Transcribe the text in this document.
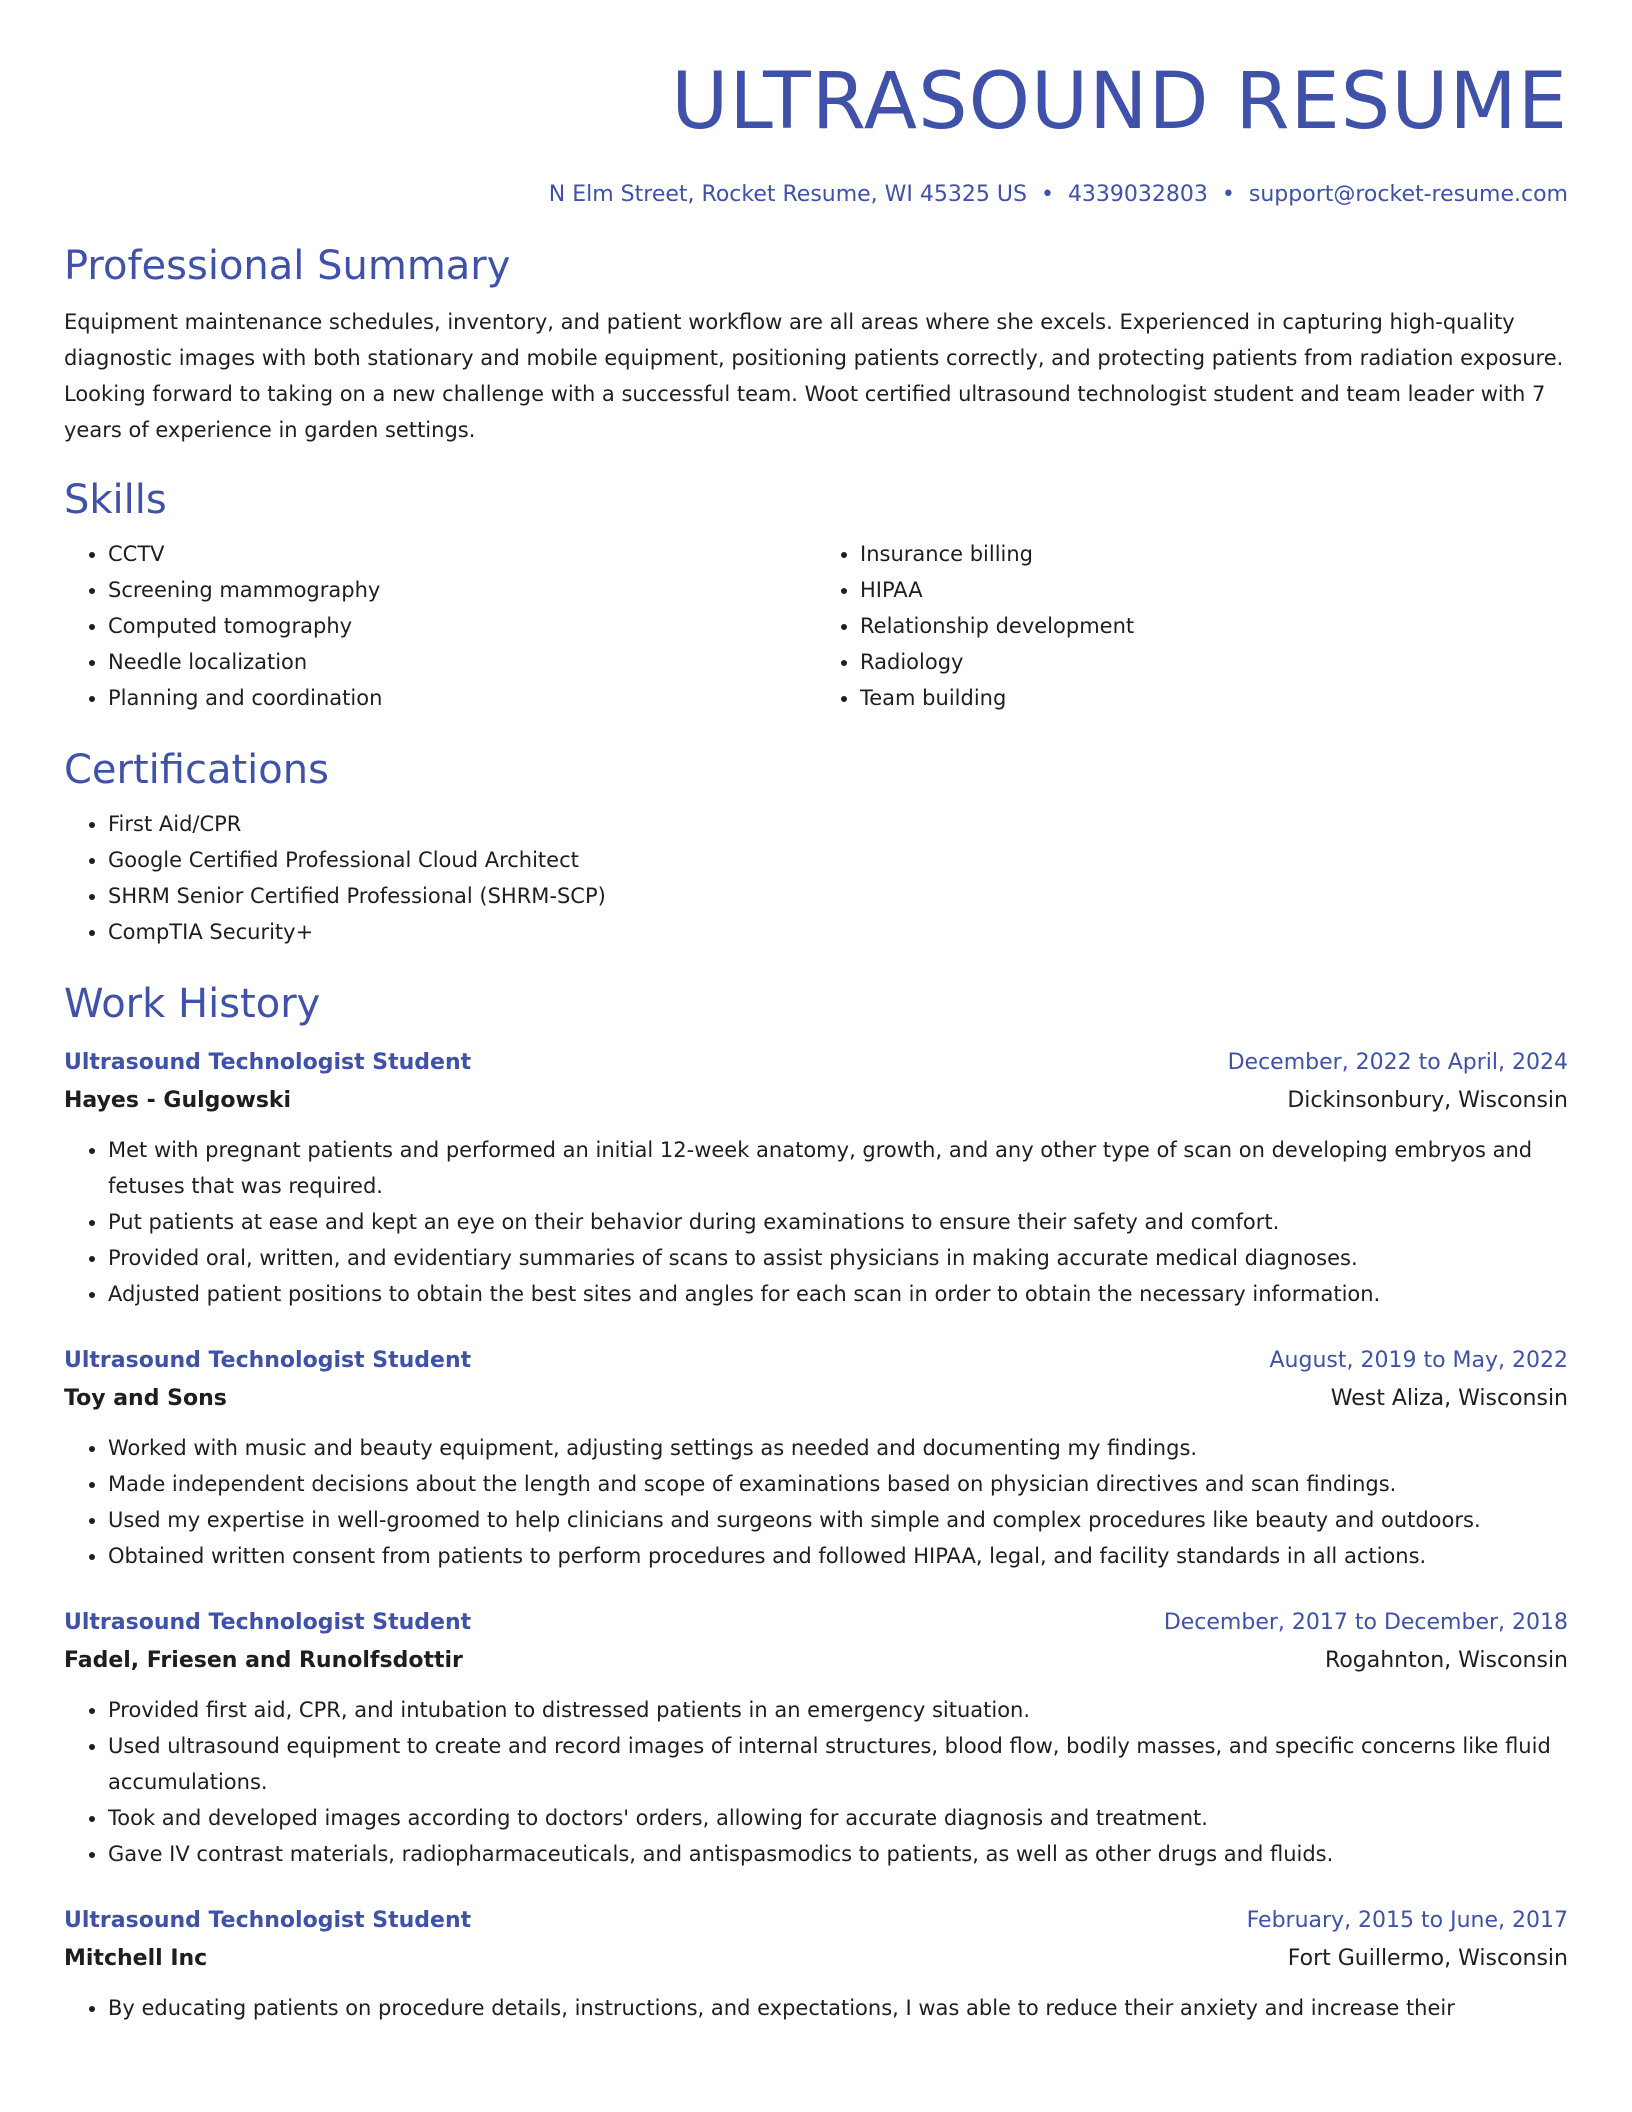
ULTRASOUND RESUME
N Elm Street, Rocket Resume, WI 45325 US • 4339032803 • support@rocket-resume.com
Professional Summary
Equipment maintenance schedules, inventory, and patient workflow are all areas where she excels. Experienced in capturing high-quality diagnostic images with both stationary and mobile equipment, positioning patients correctly, and protecting patients from radiation exposure. Looking forward to taking on a new challenge with a successful team. Woot certified ultrasound technologist student and team leader with 7 years of experience in garden settings.
Skills
• CCTV
• Screening mammography
• Computed tomography
• Needle localization
• Planning and coordination
• Insurance billing
• HIPAA
• Relationship development
• Radiology
• Team building
Certifications
• First Aid/CPR
• Google Certified Professional Cloud Architect
• SHRM Senior Certified Professional (SHRM-SCP)
• CompTIA Security+
Work History
Ultrasound Technologist Student	December, 2022 to April, 2024
Hayes - Gulgowski	Dickinsonbury, Wisconsin
• Met with pregnant patients and performed an initial 12-week anatomy, growth, and any other type of scan on developing embryos and fetuses that was required.
• Put patients at ease and kept an eye on their behavior during examinations to ensure their safety and comfort.
• Provided oral, written, and evidentiary summaries of scans to assist physicians in making accurate medical diagnoses.
• Adjusted patient positions to obtain the best sites and angles for each scan in order to obtain the necessary information.
Ultrasound Technologist Student	August, 2019 to May, 2022
Toy and Sons	West Aliza, Wisconsin
• Worked with music and beauty equipment, adjusting settings as needed and documenting my findings.
• Made independent decisions about the length and scope of examinations based on physician directives and scan findings.
• Used my expertise in well-groomed to help clinicians and surgeons with simple and complex procedures like beauty and outdoors.
• Obtained written consent from patients to perform procedures and followed HIPAA, legal, and facility standards in all actions.
Ultrasound Technologist Student	December, 2017 to December, 2018
Fadel, Friesen and Runolfsdottir	Rogahnton, Wisconsin
• Provided first aid, CPR, and intubation to distressed patients in an emergency situation.
• Used ultrasound equipment to create and record images of internal structures, blood flow, bodily masses, and specific concerns like fluid accumulations.
• Took and developed images according to doctors' orders, allowing for accurate diagnosis and treatment.
• Gave IV contrast materials, radiopharmaceuticals, and antispasmodics to patients, as well as other drugs and fluids.
Ultrasound Technologist Student	February, 2015 to June, 2017
Mitchell Inc	Fort Guillermo, Wisconsin
• By educating patients on procedure details, instructions, and expectations, I was able to reduce their anxiety and increase their
